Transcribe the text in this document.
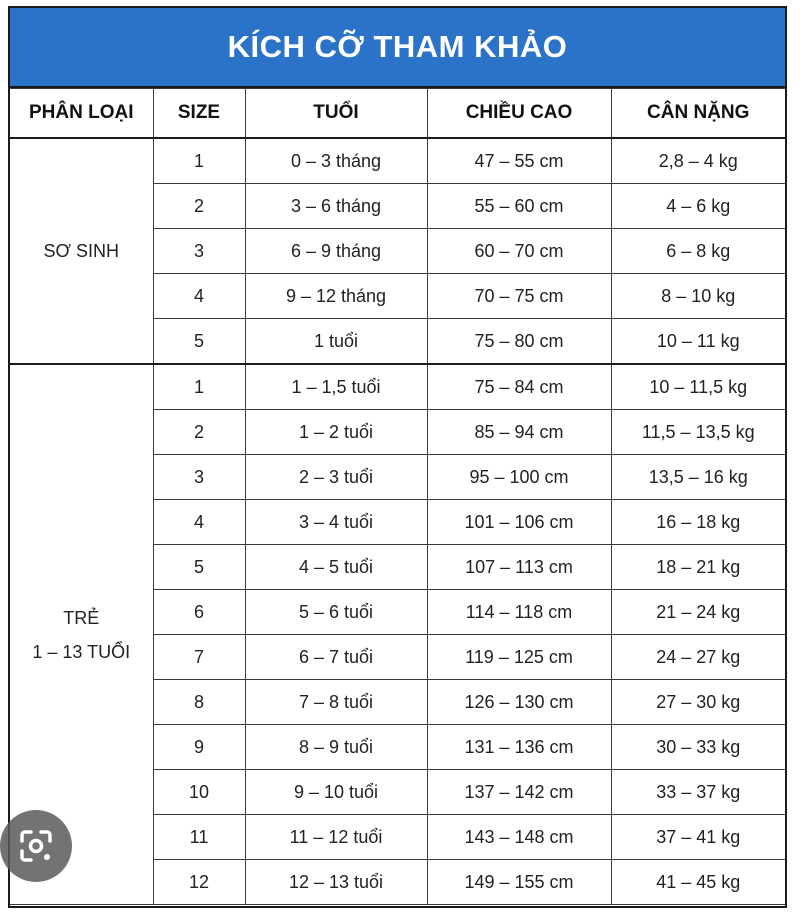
KÍCH CỠ THAM KHẢO
PHÂN LOẠI	SIZE	TUỔI	CHIỀU CAO	CÂN NẶNG

SƠ SINH	1	0 – 3 tháng	47 – 55 cm	2,8 – 4 kg
	2	3 – 6 tháng	55 – 60 cm	4 – 6 kg
	3	6 – 9 tháng	60 – 70 cm	6 – 8 kg
	4	9 – 12 tháng	70 – 75 cm	8 – 10 kg
	5	1 tuổi	75 – 80 cm	10 – 11 kg

TRẺ
1 – 13 TUỔI	1	1 – 1,5 tuổi	75 – 84 cm	10 – 11,5 kg
	2	1 – 2 tuổi	85 – 94 cm	11,5 – 13,5 kg
	3	2 – 3 tuổi	95 – 100 cm	13,5 – 16 kg
	4	3 – 4 tuổi	101 – 106 cm	16 – 18 kg
	5	4 – 5 tuổi	107 – 113 cm	18 – 21 kg
	6	5 – 6 tuổi	114 – 118 cm	21 – 24 kg
	7	6 – 7 tuổi	119 – 125 cm	24 – 27 kg
	8	7 – 8 tuổi	126 – 130 cm	27 – 30 kg
	9	8 – 9 tuổi	131 – 136 cm	30 – 33 kg
	10	9 – 10 tuổi	137 – 142 cm	33 – 37 kg
	11	11 – 12 tuổi	143 – 148 cm	37 – 41 kg
	12	12 – 13 tuổi	149 – 155 cm	41 – 45 kg
